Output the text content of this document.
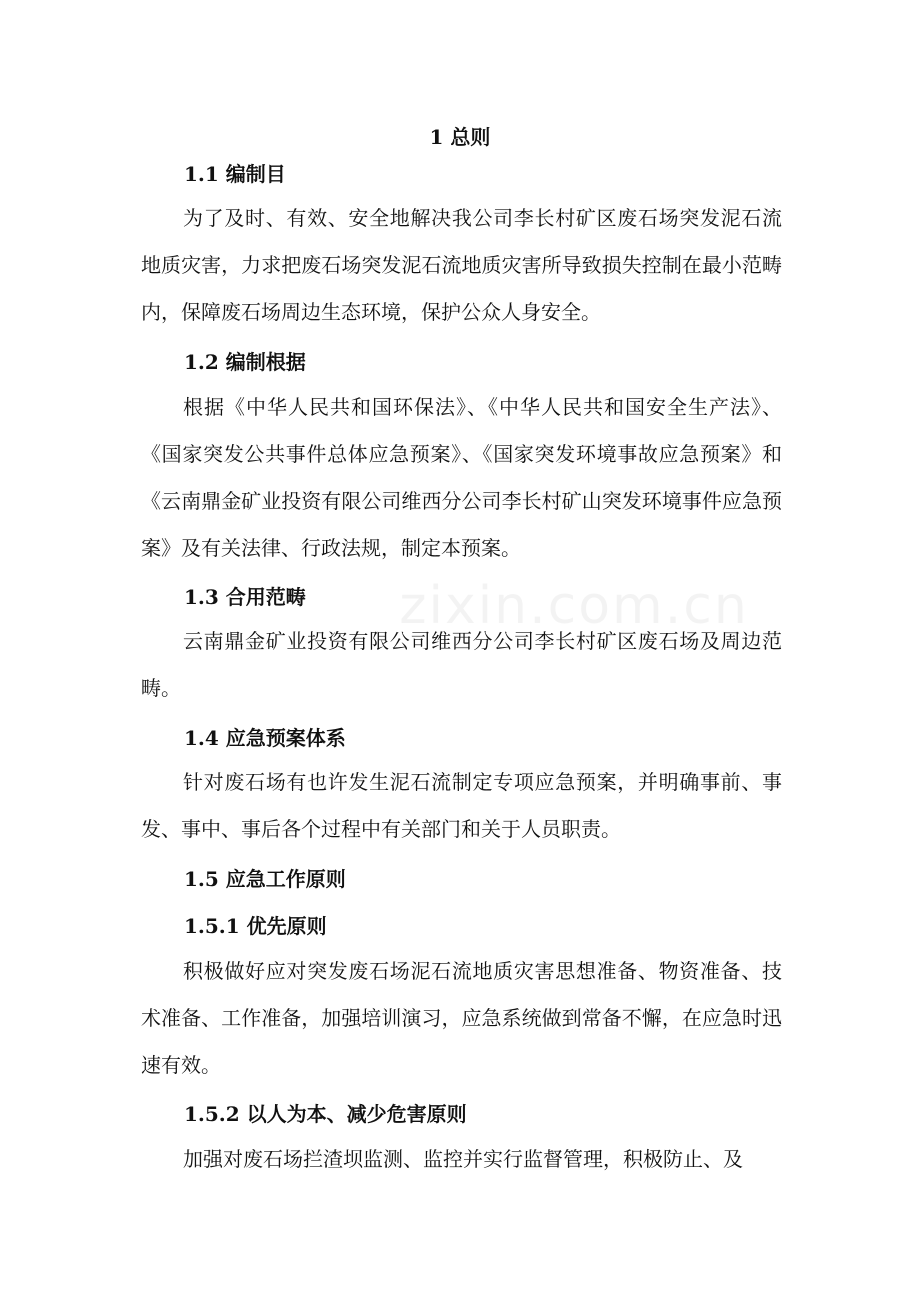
1 总则
1.1 编制目

为了及时、有效、安全地解决我公司李长村矿区废石场突发泥石流地质灾害，力求把废石场突发泥石流地质灾害所导致损失控制在最小范畴内，保障废石场周边生态环境，保护公众人身安全。

1.2 编制根据

根据《中华人民共和国环保法》、《中华人民共和国安全生产法》、《国家突发公共事件总体应急预案》、《国家突发环境事故应急预案》和《云南鼎金矿业投资有限公司维西分公司李长村矿山突发环境事件应急预案》及有关法律、行政法规，制定本预案。

1.3 合用范畴

云南鼎金矿业投资有限公司维西分公司李长村矿区废石场及周边范畴。

1.4 应急预案体系

针对废石场有也许发生泥石流制定专项应急预案，并明确事前、事发、事中、事后各个过程中有关部门和关于人员职责。

1.5 应急工作原则
1.5.1 优先原则

积极做好应对突发废石场泥石流地质灾害思想准备、物资准备、技术准备、工作准备，加强培训演习，应急系统做到常备不懈，在应急时迅速有效。

1.5.2 以人为本、减少危害原则

加强对废石场拦渣坝监测、监控并实行监督管理，积极防止、及
